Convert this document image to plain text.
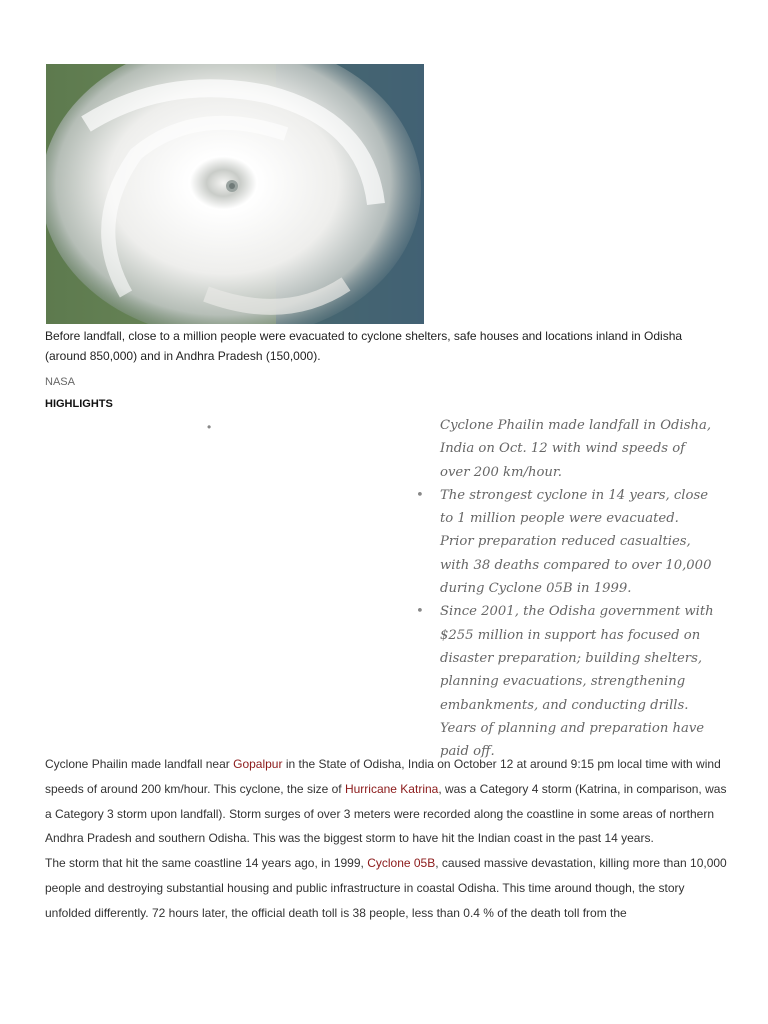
Before landfall, close to a million people were evacuated to cyclone shelters, safe houses and locations inland in Odisha (around 850,000) and in Andhra Pradesh (150,000).
NASA
HIGHLIGHTS
•	Cyclone Phailin made landfall in Odisha, India on Oct. 12 with wind speeds of over 200 km/hour.
• The strongest cyclone in 14 years, close to 1 million people were evacuated. Prior preparation reduced casualties, with 38 deaths compared to over 10,000 during Cyclone 05B in 1999.
• Since 2001, the Odisha government with $255 million in support has focused on disaster preparation; building shelters, planning evacuations, strengthening embankments, and conducting drills. Years of planning and preparation have paid off.

Cyclone Phailin made landfall near Gopalpur in the State of Odisha, India on October 12 at around 9:15 pm local time with wind speeds of around 200 km/hour. This cyclone, the size of Hurricane Katrina, was a Category 4 storm (Katrina, in comparison, was a Category 3 storm upon landfall). Storm surges of over 3 meters were recorded along the coastline in some areas of northern Andhra Pradesh and southern Odisha. This was the biggest storm to have hit the Indian coast in the past 14 years.

The storm that hit the same coastline 14 years ago, in 1999, Cyclone 05B, caused massive devastation, killing more than 10,000 people and destroying substantial housing and public infrastructure in coastal Odisha. This time around though, the story unfolded differently. 72 hours later, the official death toll is 38 people, less than 0.4 % of the death toll from the
